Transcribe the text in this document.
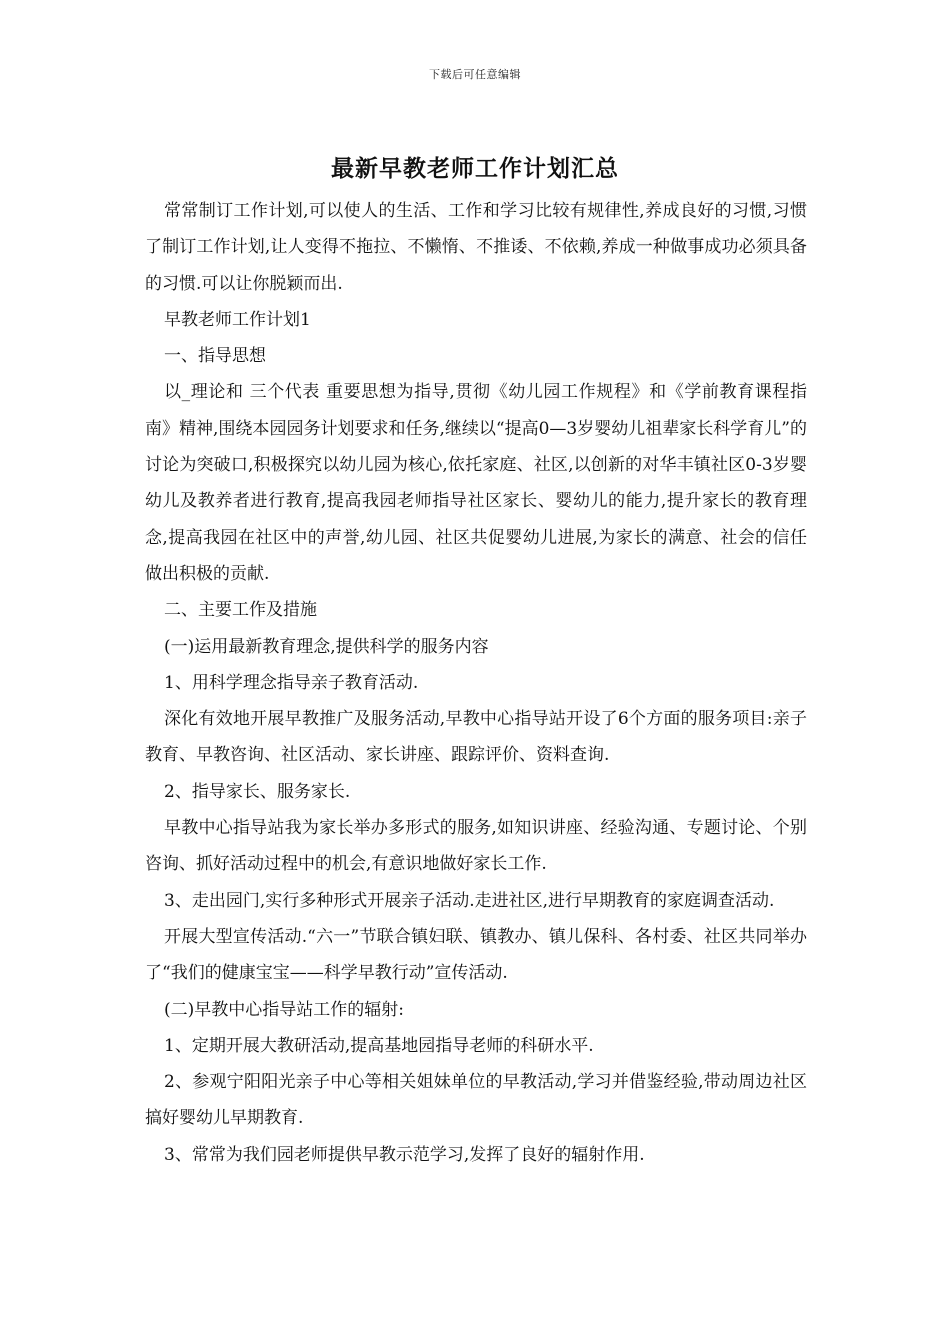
下载后可任意编辑
最新早教老师工作计划汇总

常常制订工作计划,可以使人的生活、工作和学习比较有规律性,养成良好的习惯,习惯了制订工作计划,让人变得不拖拉、不懒惰、不推诿、不依赖,养成一种做事成功必须具备的习惯.可以让你脱颖而出.

早教老师工作计划1

一、指导思想

以_理论和 三个代表 重要思想为指导,贯彻《幼儿园工作规程》和《学前教育课程指南》精神,围绕本园园务计划要求和任务,继续以“提高0—3岁婴幼儿祖辈家长科学育儿”的讨论为突破口,积极探究以幼儿园为核心,依托家庭、社区,以创新的对华丰镇社区0-3岁婴幼儿及教养者进行教育,提高我园老师指导社区家长、婴幼儿的能力,提升家长的教育理念,提高我园在社区中的声誉,幼儿园、社区共促婴幼儿进展,为家长的满意、社会的信任做出积极的贡献.

二、主要工作及措施

(一)运用最新教育理念,提供科学的服务内容

1、用科学理念指导亲子教育活动.

深化有效地开展早教推广及服务活动,早教中心指导站开设了6个方面的服务项目:亲子教育、早教咨询、社区活动、家长讲座、跟踪评价、资料查询.

2、指导家长、服务家长.

早教中心指导站我为家长举办多形式的服务,如知识讲座、经验沟通、专题讨论、个别咨询、抓好活动过程中的机会,有意识地做好家长工作.

3、走出园门,实行多种形式开展亲子活动.走进社区,进行早期教育的家庭调查活动.

开展大型宣传活动.“六一”节联合镇妇联、镇教办、镇儿保科、各村委、社区共同举办了“我们的健康宝宝——科学早教行动”宣传活动.

(二)早教中心指导站工作的辐射:

1、定期开展大教研活动,提高基地园指导老师的科研水平.

2、参观宁阳阳光亲子中心等相关姐妹单位的早教活动,学习并借鉴经验,带动周边社区搞好婴幼儿早期教育.

3、常常为我们园老师提供早教示范学习,发挥了良好的辐射作用.
